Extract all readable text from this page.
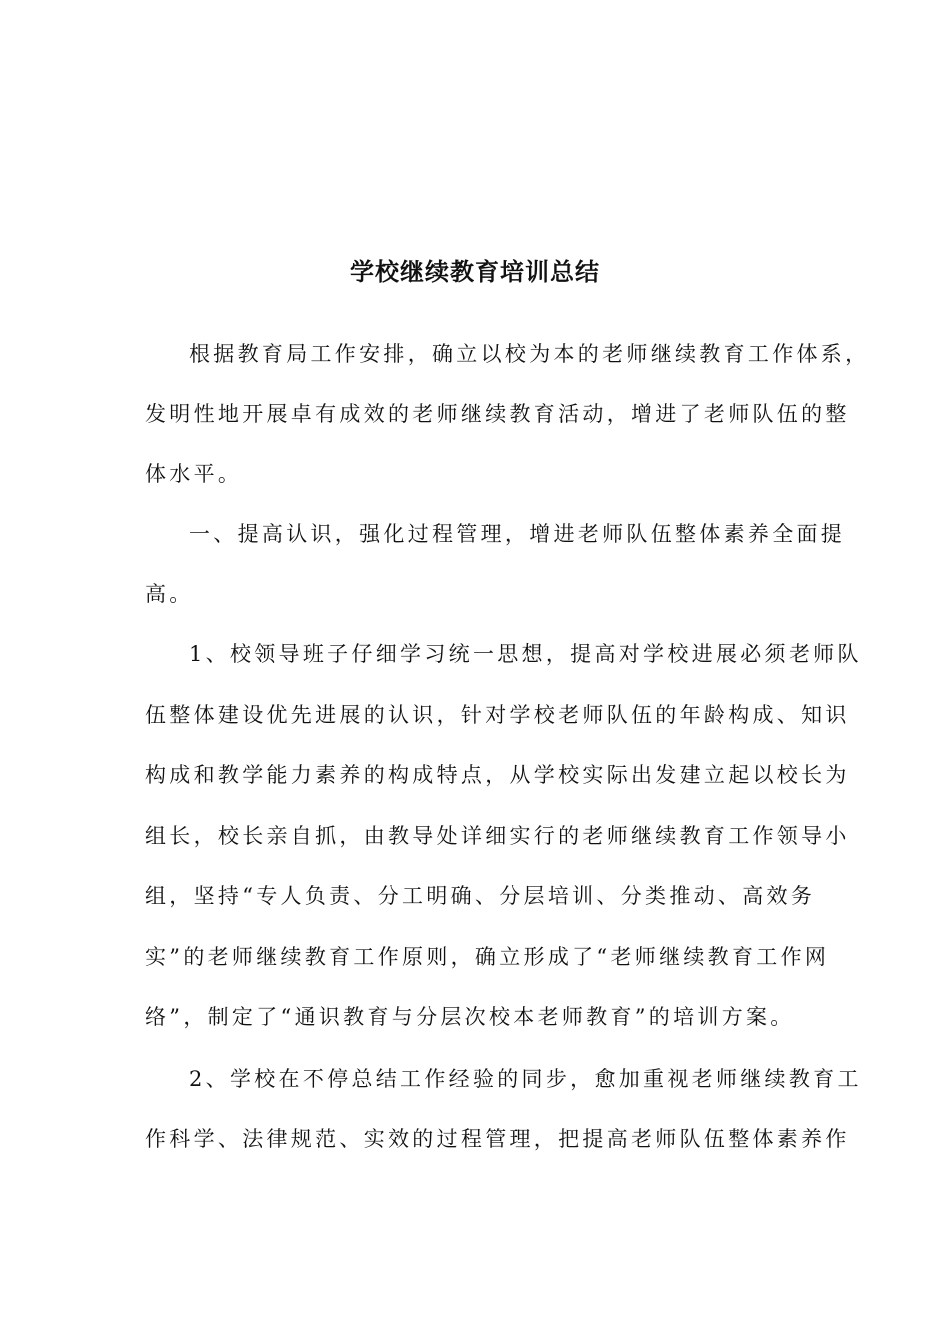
学校继续教育培训总结
根据教育局工作安排，确立以校为本的老师继续教育工作体系，
发明性地开展卓有成效的老师继续教育活动，增进了老师队伍的整
体水平。
一、提高认识，强化过程管理，增进老师队伍整体素养全面提
高。
1、校领导班子仔细学习统一思想，提高对学校进展必须老师队
伍整体建设优先进展的认识，针对学校老师队伍的年龄构成、知识
构成和教学能力素养的构成特点，从学校实际出发建立起以校长为
组长，校长亲自抓，由教导处详细实行的老师继续教育工作领导小
组，坚持“专人负责、分工明确、分层培训、分类推动、高效务
实”的老师继续教育工作原则，确立形成了“老师继续教育工作网
络”，制定了“通识教育与分层次校本老师教育”的培训方案。
2、学校在不停总结工作经验的同步，愈加重视老师继续教育工
作科学、法律规范、实效的过程管理，把提高老师队伍整体素养作
